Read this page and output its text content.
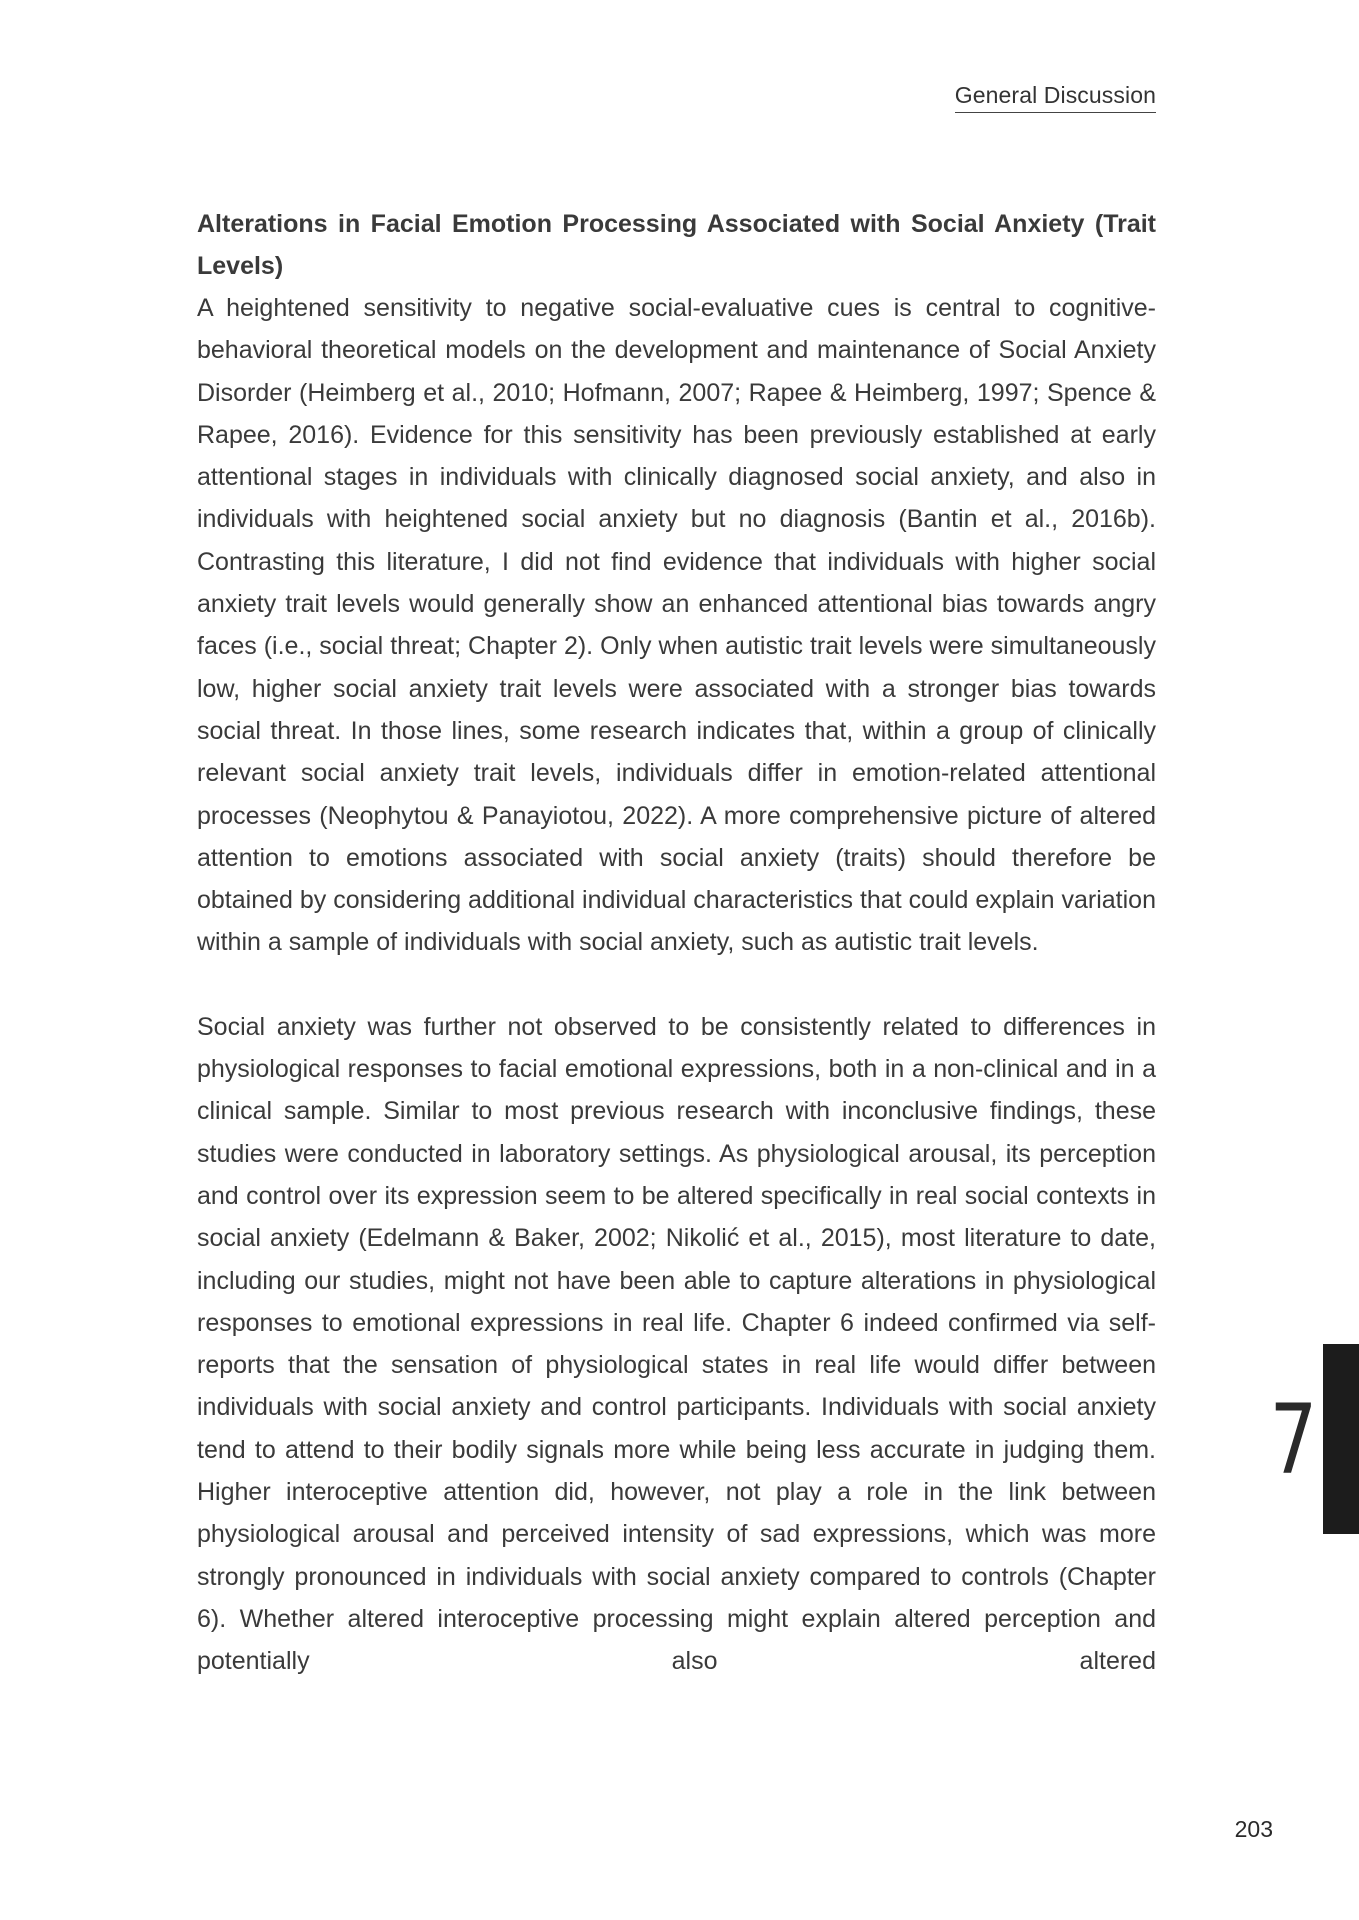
General Discussion
Alterations in Facial Emotion Processing Associated with Social Anxiety (Trait Levels)

A heightened sensitivity to negative social-evaluative cues is central to cognitive-behavioral theoretical models on the development and maintenance of Social Anxiety Disorder (Heimberg et al., 2010; Hofmann, 2007; Rapee & Heimberg, 1997; Spence & Rapee, 2016). Evidence for this sensitivity has been previously established at early attentional stages in individuals with clinically diagnosed social anxiety, and also in individuals with heightened social anxiety but no diagnosis (Bantin et al., 2016b). Contrasting this literature, I did not find evidence that individuals with higher social anxiety trait levels would generally show an enhanced attentional bias towards angry faces (i.e., social threat; Chapter 2). Only when autistic trait levels were simultaneously low, higher social anxiety trait levels were associated with a stronger bias towards social threat. In those lines, some research indicates that, within a group of clinically relevant social anxiety trait levels, individuals differ in emotion-related attentional processes (Neophytou & Panayiotou, 2022). A more comprehensive picture of altered attention to emotions associated with social anxiety (traits) should therefore be obtained by considering additional individual characteristics that could explain variation within a sample of individuals with social anxiety, such as autistic trait levels.

Social anxiety was further not observed to be consistently related to differences in physiological responses to facial emotional expressions, both in a non-clinical and in a clinical sample. Similar to most previous research with inconclusive findings, these studies were conducted in laboratory settings. As physiological arousal, its perception and control over its expression seem to be altered specifically in real social contexts in social anxiety (Edelmann & Baker, 2002; Nikolić et al., 2015), most literature to date, including our studies, might not have been able to capture alterations in physiological responses to emotional expressions in real life. Chapter 6 indeed confirmed via self-reports that the sensation of physiological states in real life would differ between individuals with social anxiety and control participants. Individuals with social anxiety tend to attend to their bodily signals more while being less accurate in judging them. Higher interoceptive attention did, however, not play a role in the link between physiological arousal and perceived intensity of sad expressions, which was more strongly pronounced in individuals with social anxiety compared to controls (Chapter 6). Whether altered interoceptive processing might explain altered perception and potentially also altered

7
203
